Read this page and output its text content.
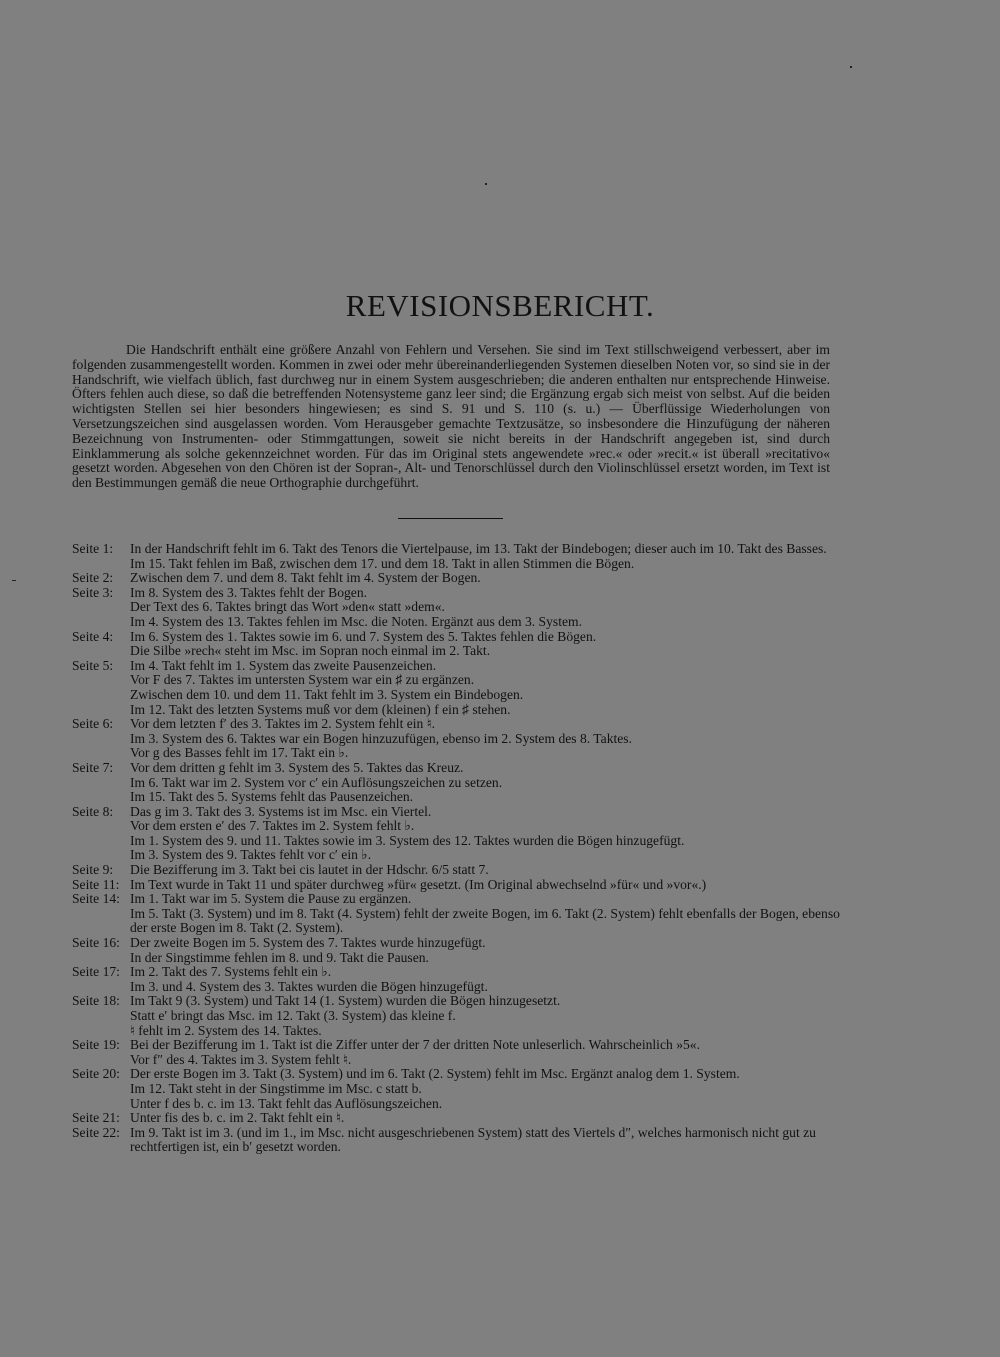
REVISIONSBERICHT.
Die Handschrift enthält eine größere Anzahl von Fehlern und Versehen. Sie sind im Text stillschweigend verbessert, aber im folgenden zusammengestellt worden. Kommen in zwei oder mehr übereinanderliegenden Systemen dieselben Noten vor, so sind sie in der Handschrift, wie vielfach üblich, fast durchweg nur in einem System ausgeschrieben; die anderen enthalten nur entsprechende Hinweise. Öfters fehlen auch diese, so daß die betreffenden Notensysteme ganz leer sind; die Ergänzung ergab sich meist von selbst. Auf die beiden wichtigsten Stellen sei hier besonders hingewiesen; es sind S. 91 und S. 110 (s. u.) — Überflüssige Wiederholungen von Versetzungszeichen sind ausgelassen worden. Vom Herausgeber gemachte Textzusätze, so insbesondere die Hinzufügung der näheren Bezeichnung von Instrumenten- oder Stimmgattungen, soweit sie nicht bereits in der Handschrift angegeben ist, sind durch Einklammerung als solche gekennzeichnet worden. Für das im Original stets angewendete »rec.« oder »recit.« ist überall »recitativo« gesetzt worden. Abgesehen von den Chören ist der Sopran-, Alt- und Tenorschlüssel durch den Violinschlüssel ersetzt worden, im Text ist den Bestimmungen gemäß die neue Orthographie durchgeführt.
Seite 1:	In der Handschrift fehlt im 6. Takt des Tenors die Viertelpause, im 13. Takt der Bindebogen; dieser auch im 10. Takt des Basses.
Im 15. Takt fehlen im Baß, zwischen dem 17. und dem 18. Takt in allen Stimmen die Bögen.
Seite 2:	Zwischen dem 7. und dem 8. Takt fehlt im 4. System der Bogen.
Seite 3:	Im 8. System des 3. Taktes fehlt der Bogen.
Der Text des 6. Taktes bringt das Wort »den« statt »dem«.
Im 4. System des 13. Taktes fehlen im Msc. die Noten. Ergänzt aus dem 3. System.
Seite 4:	Im 6. System des 1. Taktes sowie im 6. und 7. System des 5. Taktes fehlen die Bögen.
Die Silbe »rech« steht im Msc. im Sopran noch einmal im 2. Takt.
Seite 5:	Im 4. Takt fehlt im 1. System das zweite Pausenzeichen.
Vor F des 7. Taktes im untersten System war ein ♯ zu ergänzen.
Zwischen dem 10. und dem 11. Takt fehlt im 3. System ein Bindebogen.
Im 12. Takt des letzten Systems muß vor dem (kleinen) f ein ♯ stehen.
Seite 6:	Vor dem letzten f′ des 3. Taktes im 2. System fehlt ein ♮.
Im 3. System des 6. Taktes war ein Bogen hinzuzufügen, ebenso im 2. System des 8. Taktes.
Vor g des Basses fehlt im 17. Takt ein ♭.
Seite 7:	Vor dem dritten g fehlt im 3. System des 5. Taktes das Kreuz.
Im 6. Takt war im 2. System vor c′ ein Auflösungszeichen zu setzen.
Im 15. Takt des 5. Systems fehlt das Pausenzeichen.
Seite 8:	Das g im 3. Takt des 3. Systems ist im Msc. ein Viertel.
Vor dem ersten e′ des 7. Taktes im 2. System fehlt ♭.
Im 1. System des 9. und 11. Taktes sowie im 3. System des 12. Taktes wurden die Bögen hinzugefügt.
Im 3. System des 9. Taktes fehlt vor c′ ein ♭.
Seite 9:	Die Bezifferung im 3. Takt bei cis lautet in der Hdschr. 6/5 statt 7.
Seite 11: Im Text wurde in Takt 11 und später durchweg »für« gesetzt. (Im Original abwechselnd »für« und »vor«.)
Seite 14: Im 1. Takt war im 5. System die Pause zu ergänzen.
Im 5. Takt (3. System) und im 8. Takt (4. System) fehlt der zweite Bogen, im 6. Takt (2. System) fehlt ebenfalls der Bogen, ebenso der erste Bogen im 8. Takt (2. System).
Seite 16: Der zweite Bogen im 5. System des 7. Taktes wurde hinzugefügt.
In der Singstimme fehlen im 8. und 9. Takt die Pausen.
Seite 17: Im 2. Takt des 7. Systems fehlt ein ♭.
Im 3. und 4. System des 3. Taktes wurden die Bögen hinzugefügt.
Seite 18: Im Takt 9 (3. System) und Takt 14 (1. System) wurden die Bögen hinzugesetzt.
Statt e′ bringt das Msc. im 12. Takt (3. System) das kleine f.
♮ fehlt im 2. System des 14. Taktes.
Seite 19: Bei der Bezifferung im 1. Takt ist die Ziffer unter der 7 der dritten Note unleserlich. Wahrscheinlich »5«.
Vor f″ des 4. Taktes im 3. System fehlt ♮.
Seite 20: Der erste Bogen im 3. Takt (3. System) und im 6. Takt (2. System) fehlt im Msc. Ergänzt analog dem 1. System.
Im 12. Takt steht in der Singstimme im Msc. c statt b.
Unter f des b. c. im 13. Takt fehlt das Auflösungszeichen.
Seite 21: Unter fis des b. c. im 2. Takt fehlt ein ♮.
Seite 22: Im 9. Takt ist im 3. (und im 1., im Msc. nicht ausgeschriebenen System) statt des Viertels d″, welches harmonisch nicht gut zu rechtfertigen ist, ein b′ gesetzt worden.
